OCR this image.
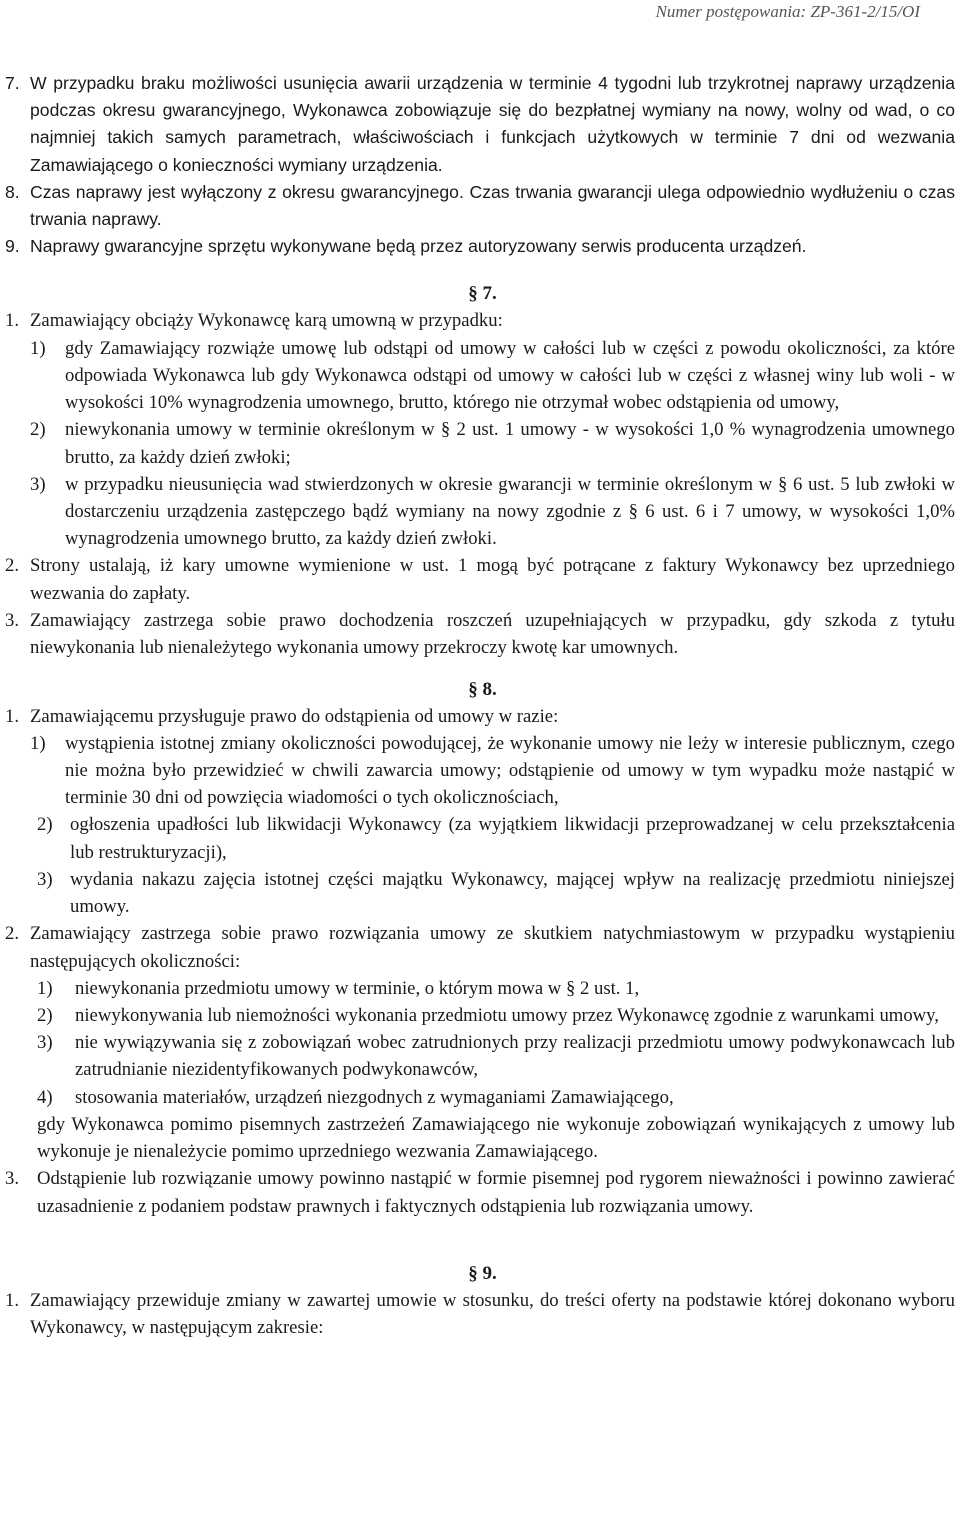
Numer postępowania: ZP-361-2/15/OI
7. W przypadku braku możliwości usunięcia awarii urządzenia w terminie 4 tygodni lub trzykrotnej naprawy urządzenia podczas okresu gwarancyjnego, Wykonawca zobowiązuje się do bezpłatnej wymiany na nowy, wolny od wad, o co najmniej takich samych parametrach, właściwościach i funkcjach użytkowych w terminie 7 dni od wezwania Zamawiającego o konieczności wymiany urządzenia.
8. Czas naprawy jest wyłączony z okresu gwarancyjnego. Czas trwania gwarancji ulega odpowiednio wydłużeniu o czas trwania naprawy.
9. Naprawy gwarancyjne sprzętu wykonywane będą przez autoryzowany serwis producenta urządzeń.
§ 7.
1. Zamawiający obciąży Wykonawcę karą umowną w przypadku:
1) gdy Zamawiający rozwiąże umowę lub odstąpi od umowy w całości lub w części z powodu okoliczności, za które odpowiada Wykonawca lub gdy Wykonawca odstąpi od umowy w całości lub w części z własnej winy lub woli - w wysokości 10% wynagrodzenia umownego, brutto, którego nie otrzymał wobec odstąpienia od umowy,
2) niewykonania umowy w terminie określonym w § 2 ust. 1 umowy - w wysokości 1,0 % wynagrodzenia umownego brutto, za każdy dzień zwłoki;
3) w przypadku nieusunięcia wad stwierdzonych w okresie gwarancji w terminie określonym w § 6 ust. 5 lub zwłoki w dostarczeniu urządzenia zastępczego bądź wymiany na nowy zgodnie z § 6 ust. 6 i 7 umowy, w wysokości 1,0% wynagrodzenia umownego brutto, za każdy dzień zwłoki.
2. Strony ustalają, iż kary umowne wymienione w ust. 1 mogą być potrącane z faktury Wykonawcy bez uprzedniego wezwania do zapłaty.
3. Zamawiający zastrzega sobie prawo dochodzenia roszczeń uzupełniających w przypadku, gdy szkoda z tytułu niewykonania lub nienależytego wykonania umowy przekroczy kwotę kar umownych.
§ 8.
1. Zamawiającemu przysługuje prawo do odstąpienia od umowy w razie:
1) wystąpienia istotnej zmiany okoliczności powodującej, że wykonanie umowy nie leży w interesie publicznym, czego nie można było przewidzieć w chwili zawarcia umowy; odstąpienie od umowy w tym wypadku może nastąpić w terminie 30 dni od powzięcia wiadomości o tych okolicznościach,
2) ogłoszenia upadłości lub likwidacji Wykonawcy (za wyjątkiem likwidacji przeprowadzanej w celu przekształcenia lub restrukturyzacji),
3) wydania nakazu zajęcia istotnej części majątku Wykonawcy, mającej wpływ na realizację przedmiotu niniejszej umowy.
2. Zamawiający zastrzega sobie prawo rozwiązania umowy ze skutkiem natychmiastowym w przypadku wystąpieniu następujących okoliczności:
1) niewykonania przedmiotu umowy w terminie, o którym mowa w § 2 ust. 1,
2) niewykonywania lub niemożności wykonania przedmiotu umowy przez Wykonawcę zgodnie z warunkami umowy,
3) nie wywiązywania się z zobowiązań wobec zatrudnionych przy realizacji przedmiotu umowy podwykonawcach lub zatrudnianie niezidentyfikowanych podwykonawców,
4) stosowania materiałów, urządzeń niezgodnych z wymaganiami Zamawiającego,
gdy Wykonawca pomimo pisemnych zastrzeżeń Zamawiającego nie wykonuje zobowiązań wynikających z umowy lub wykonuje je nienależycie pomimo uprzedniego wezwania Zamawiającego.
3. Odstąpienie lub rozwiązanie umowy powinno nastąpić w formie pisemnej pod rygorem nieważności i powinno zawierać uzasadnienie z podaniem podstaw prawnych i faktycznych odstąpienia lub rozwiązania umowy.
§ 9.
1. Zamawiający przewiduje zmiany w zawartej umowie w stosunku, do treści oferty na podstawie której dokonano wyboru Wykonawcy, w następującym zakresie:
